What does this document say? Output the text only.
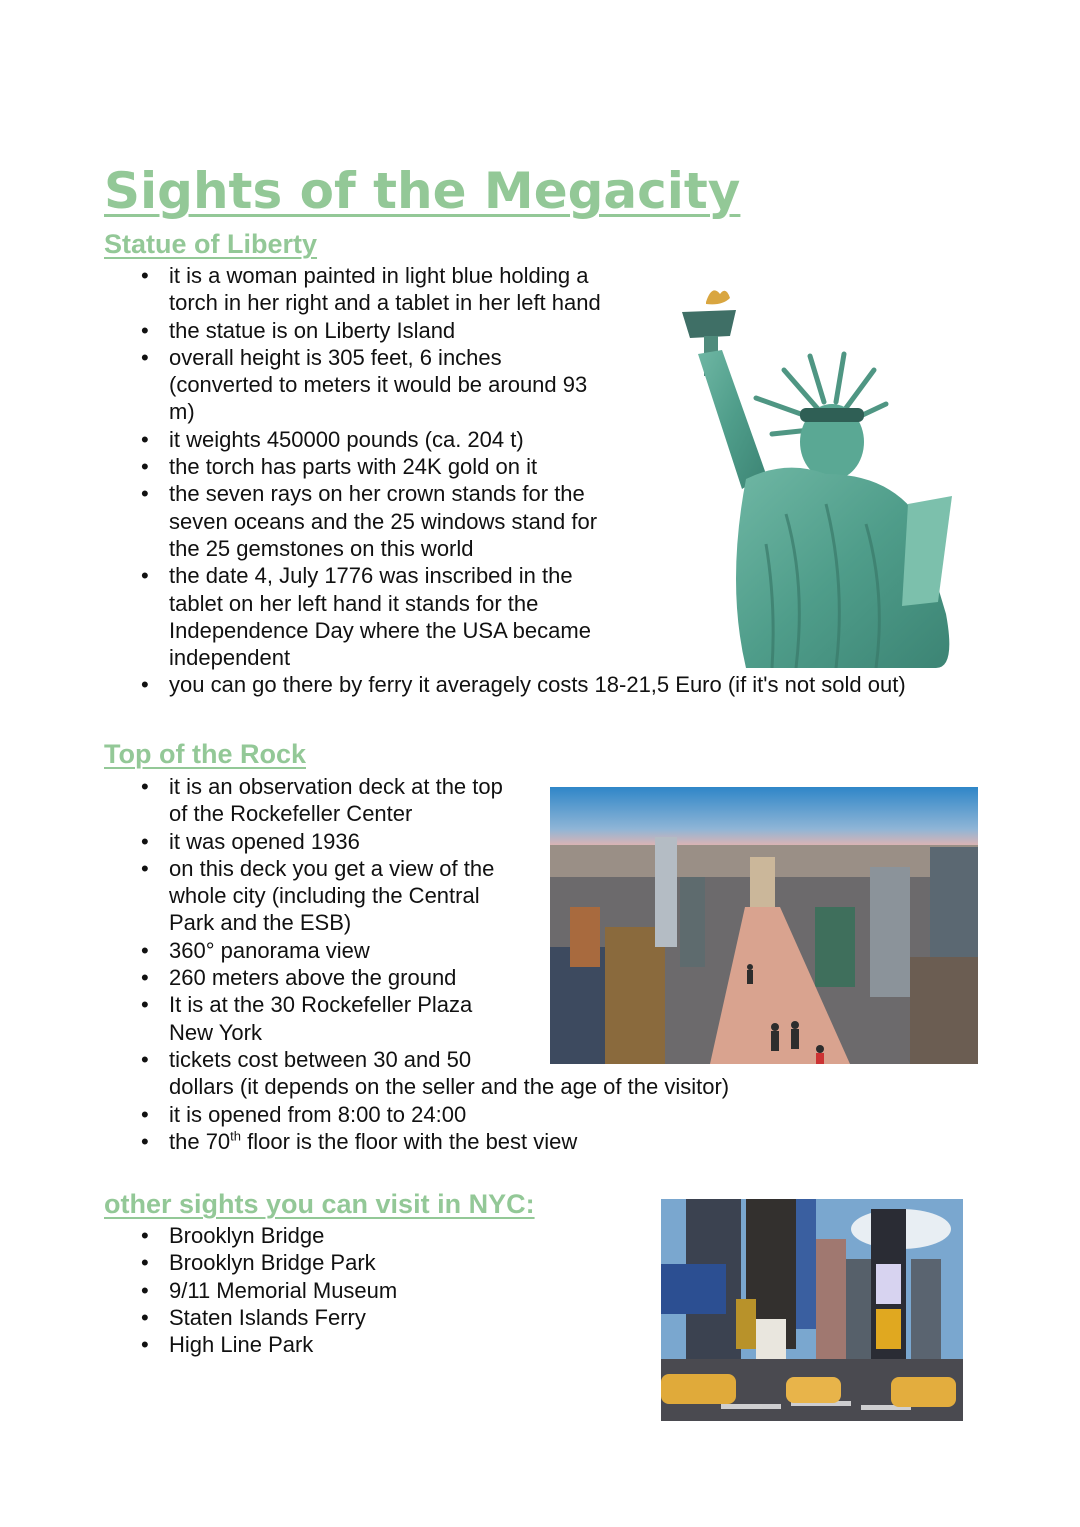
Sights of the Megacity
Statue of Liberty
• it is a woman painted in light blue holding a
torch in her right and a tablet in her left hand
• the statue is on Liberty Island
• overall height is 305 feet, 6 inches
(converted to meters it would be around 93
m)
• it weights 450000 pounds (ca. 204 t)
• the torch has parts with 24K gold on it
• the seven rays on her crown stands for the
seven oceans and the 25 windows stand for
the 25 gemstones on this world
• the date 4, July 1776 was inscribed in the
tablet on her left hand it stands for the
Independence Day where the USA became
independent
• you can go there by ferry it averagely costs 18-21,5 Euro (if it's not sold out)
Top of the Rock
• it is an observation deck at the top
of the Rockefeller Center
• it was opened 1936
• on this deck you get a view of the
whole city (including the Central
Park and the ESB)
• 360° panorama view
• 260 meters above the ground
• It is at the 30 Rockefeller Plaza
New York
• tickets cost between 30 and 50
dollars (it depends on the seller and the age of the visitor)
• it is opened from 8:00 to 24:00
• the 70th floor is the floor with the best view
other sights you can visit in NYC:
• Brooklyn Bridge
• Brooklyn Bridge Park
• 9/11 Memorial Museum
• Staten Islands Ferry
• High Line Park
